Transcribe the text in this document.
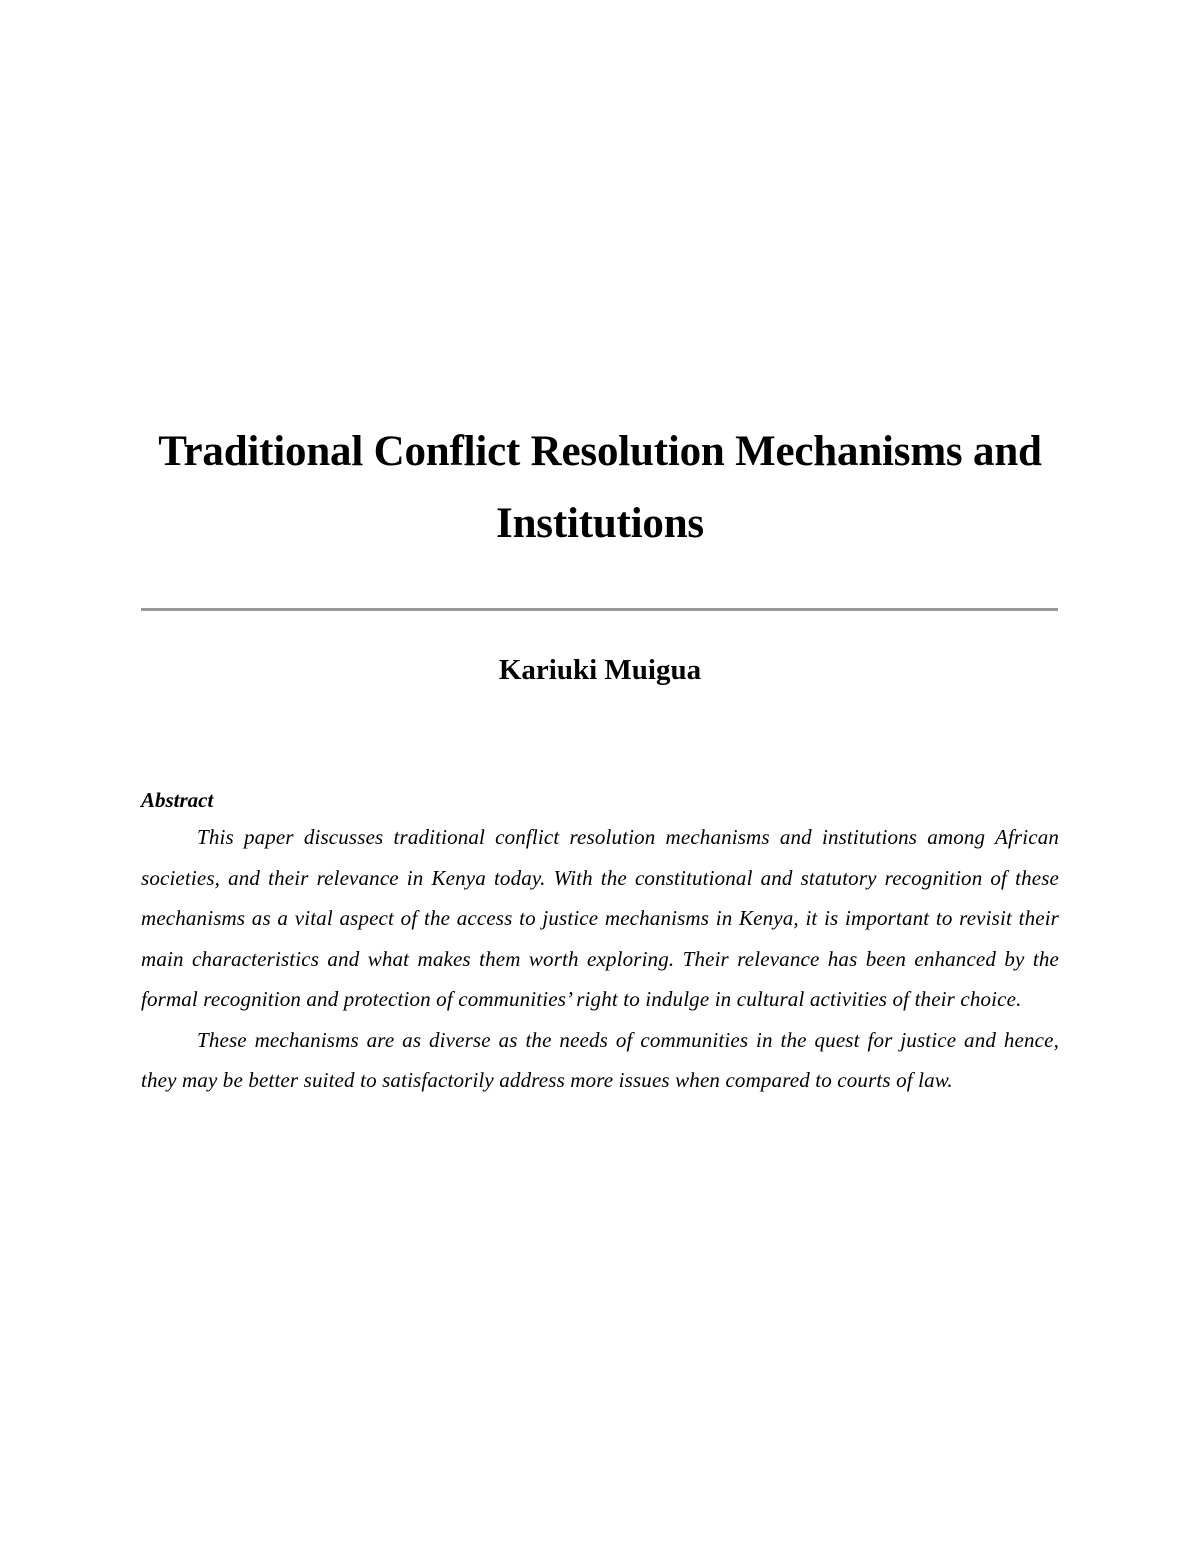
Traditional Conflict Resolution Mechanisms and
Institutions
Kariuki Muigua
Abstract

This paper discusses traditional conflict resolution mechanisms and institutions among African societies, and their relevance in Kenya today. With the constitutional and statutory recognition of these mechanisms as a vital aspect of the access to justice mechanisms in Kenya, it is important to revisit their main characteristics and what makes them worth exploring. Their relevance has been enhanced by the formal recognition and protection of communities’ right to indulge in cultural activities of their choice.

These mechanisms are as diverse as the needs of communities in the quest for justice and hence, they may be better suited to satisfactorily address more issues when compared to courts of law.
